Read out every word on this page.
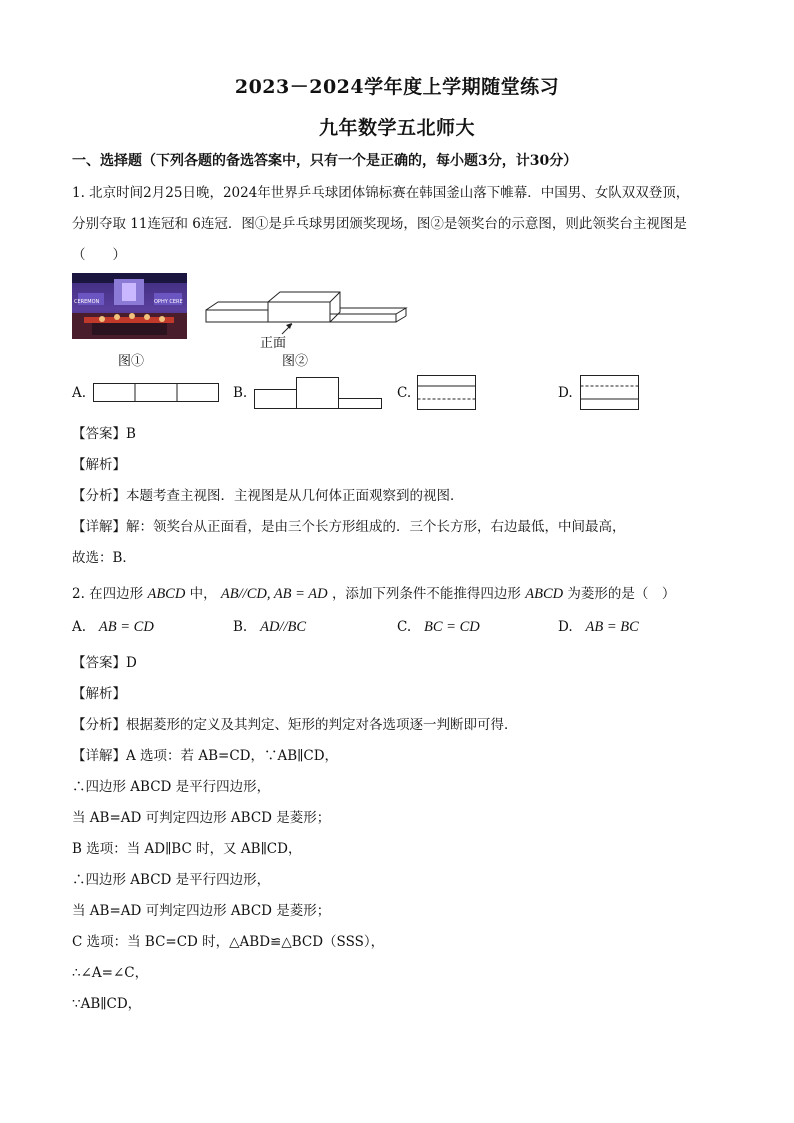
2023－2024学年度上学期随堂练习
九年数学五北师大
一、选择题（下列各题的备选答案中，只有一个是正确的，每小题3分，计30分）
1. 北京时间2月25日晚，2024年世界乒乓球团体锦标赛在韩国釜山落下帷幕．中国男、女队双双登顶，
分别夺取 11连冠和 6连冠．图①是乒乓球男团颁奖现场，图②是领奖台的示意图，则此领奖台主视图是
（　　）
CEREMON	OPHY CERE
图①
正面
图②
A.	B.	C.	D.
【答案】B
【解析】
【分析】本题考查主视图．主视图是从几何体正面观察到的视图．
【详解】解：领奖台从正面看，是由三个长方形组成的．三个长方形，右边最低，中间最高，
故选：B．
2. 在四边形 ABCD 中， AB//CD, AB = AD ，添加下列条件不能推得四边形 ABCD 为菱形的是（　）
A. AB = CD	B. AD//BC	C. BC = CD	D. AB = BC
【答案】D
【解析】
【分析】根据菱形的定义及其判定、矩形的判定对各选项逐一判断即可得．
【详解】A 选项：若 AB=CD，∵AB∥CD，
∴四边形 ABCD 是平行四边形，
当 AB=AD 可判定四边形 ABCD 是菱形；
B 选项：当 AD∥BC 时，又 AB∥CD，
∴四边形 ABCD 是平行四边形，
当 AB=AD 可判定四边形 ABCD 是菱形；
C 选项：当 BC=CD 时，△ABD≌△BCD（SSS），
∴∠A=∠C，
∵AB∥CD，
